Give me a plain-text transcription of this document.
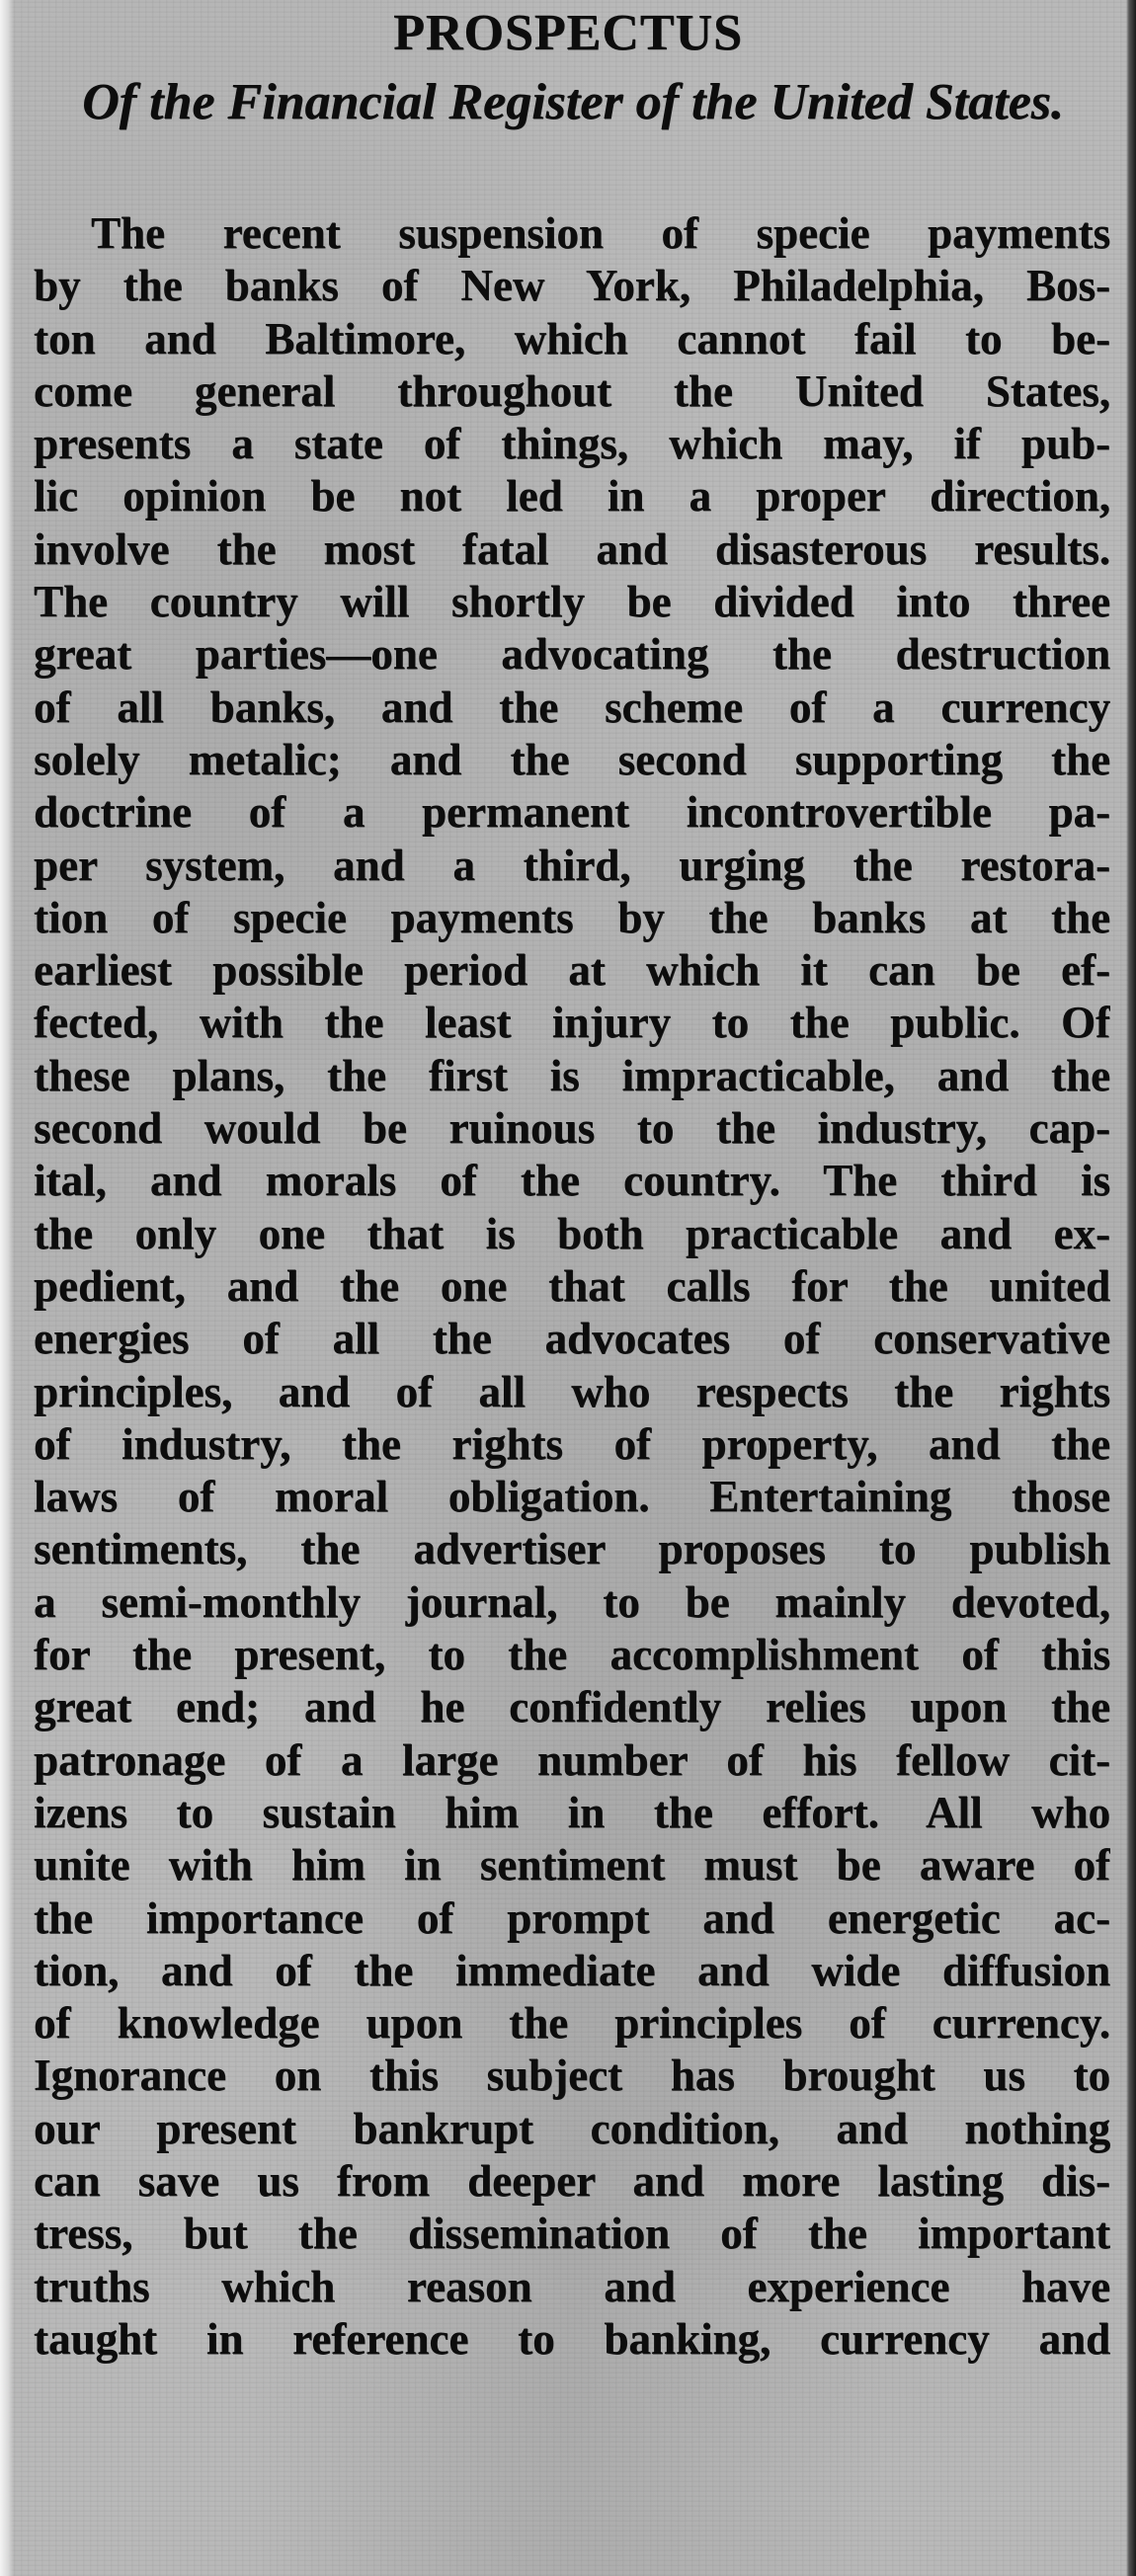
PROSPECTUS
Of the Financial Register of the United States.
The recent suspension of specie payments
by the banks of New York, Philadelphia, Bos-
ton and Baltimore, which cannot fail to be-
come general throughout the United States,
presents a state of things, which may, if pub-
lic opinion be not led in a proper direction,
involve the most fatal and disasterous results.
The country will shortly be divided into three
great parties—one advocating the destruction
of all banks, and the scheme of a currency
solely metalic; and the second supporting the
doctrine of a permanent incontrovertible pa-
per system, and a third, urging the restora-
tion of specie payments by the banks at the
earliest possible period at which it can be ef-
fected, with the least injury to the public. Of
these plans, the first is impracticable, and the
second would be ruinous to the industry, cap-
ital, and morals of the country. The third is
the only one that is both practicable and ex-
pedient, and the one that calls for the united
energies of all the advocates of conservative
principles, and of all who respects the rights
of industry, the rights of property, and the
laws of moral obligation. Entertaining those
sentiments, the advertiser proposes to publish
a semi-monthly journal, to be mainly devoted,
for the present, to the accomplishment of this
great end; and he confidently relies upon the
patronage of a large number of his fellow cit-
izens to sustain him in the effort. All who
unite with him in sentiment must be aware of
the importance of prompt and energetic ac-
tion, and of the immediate and wide diffusion
of knowledge upon the principles of currency.
Ignorance on this subject has brought us to
our present bankrupt condition, and nothing
can save us from deeper and more lasting dis-
tress, but the dissemination of the important
truths which reason and experience have
taught in reference to banking, currency and
